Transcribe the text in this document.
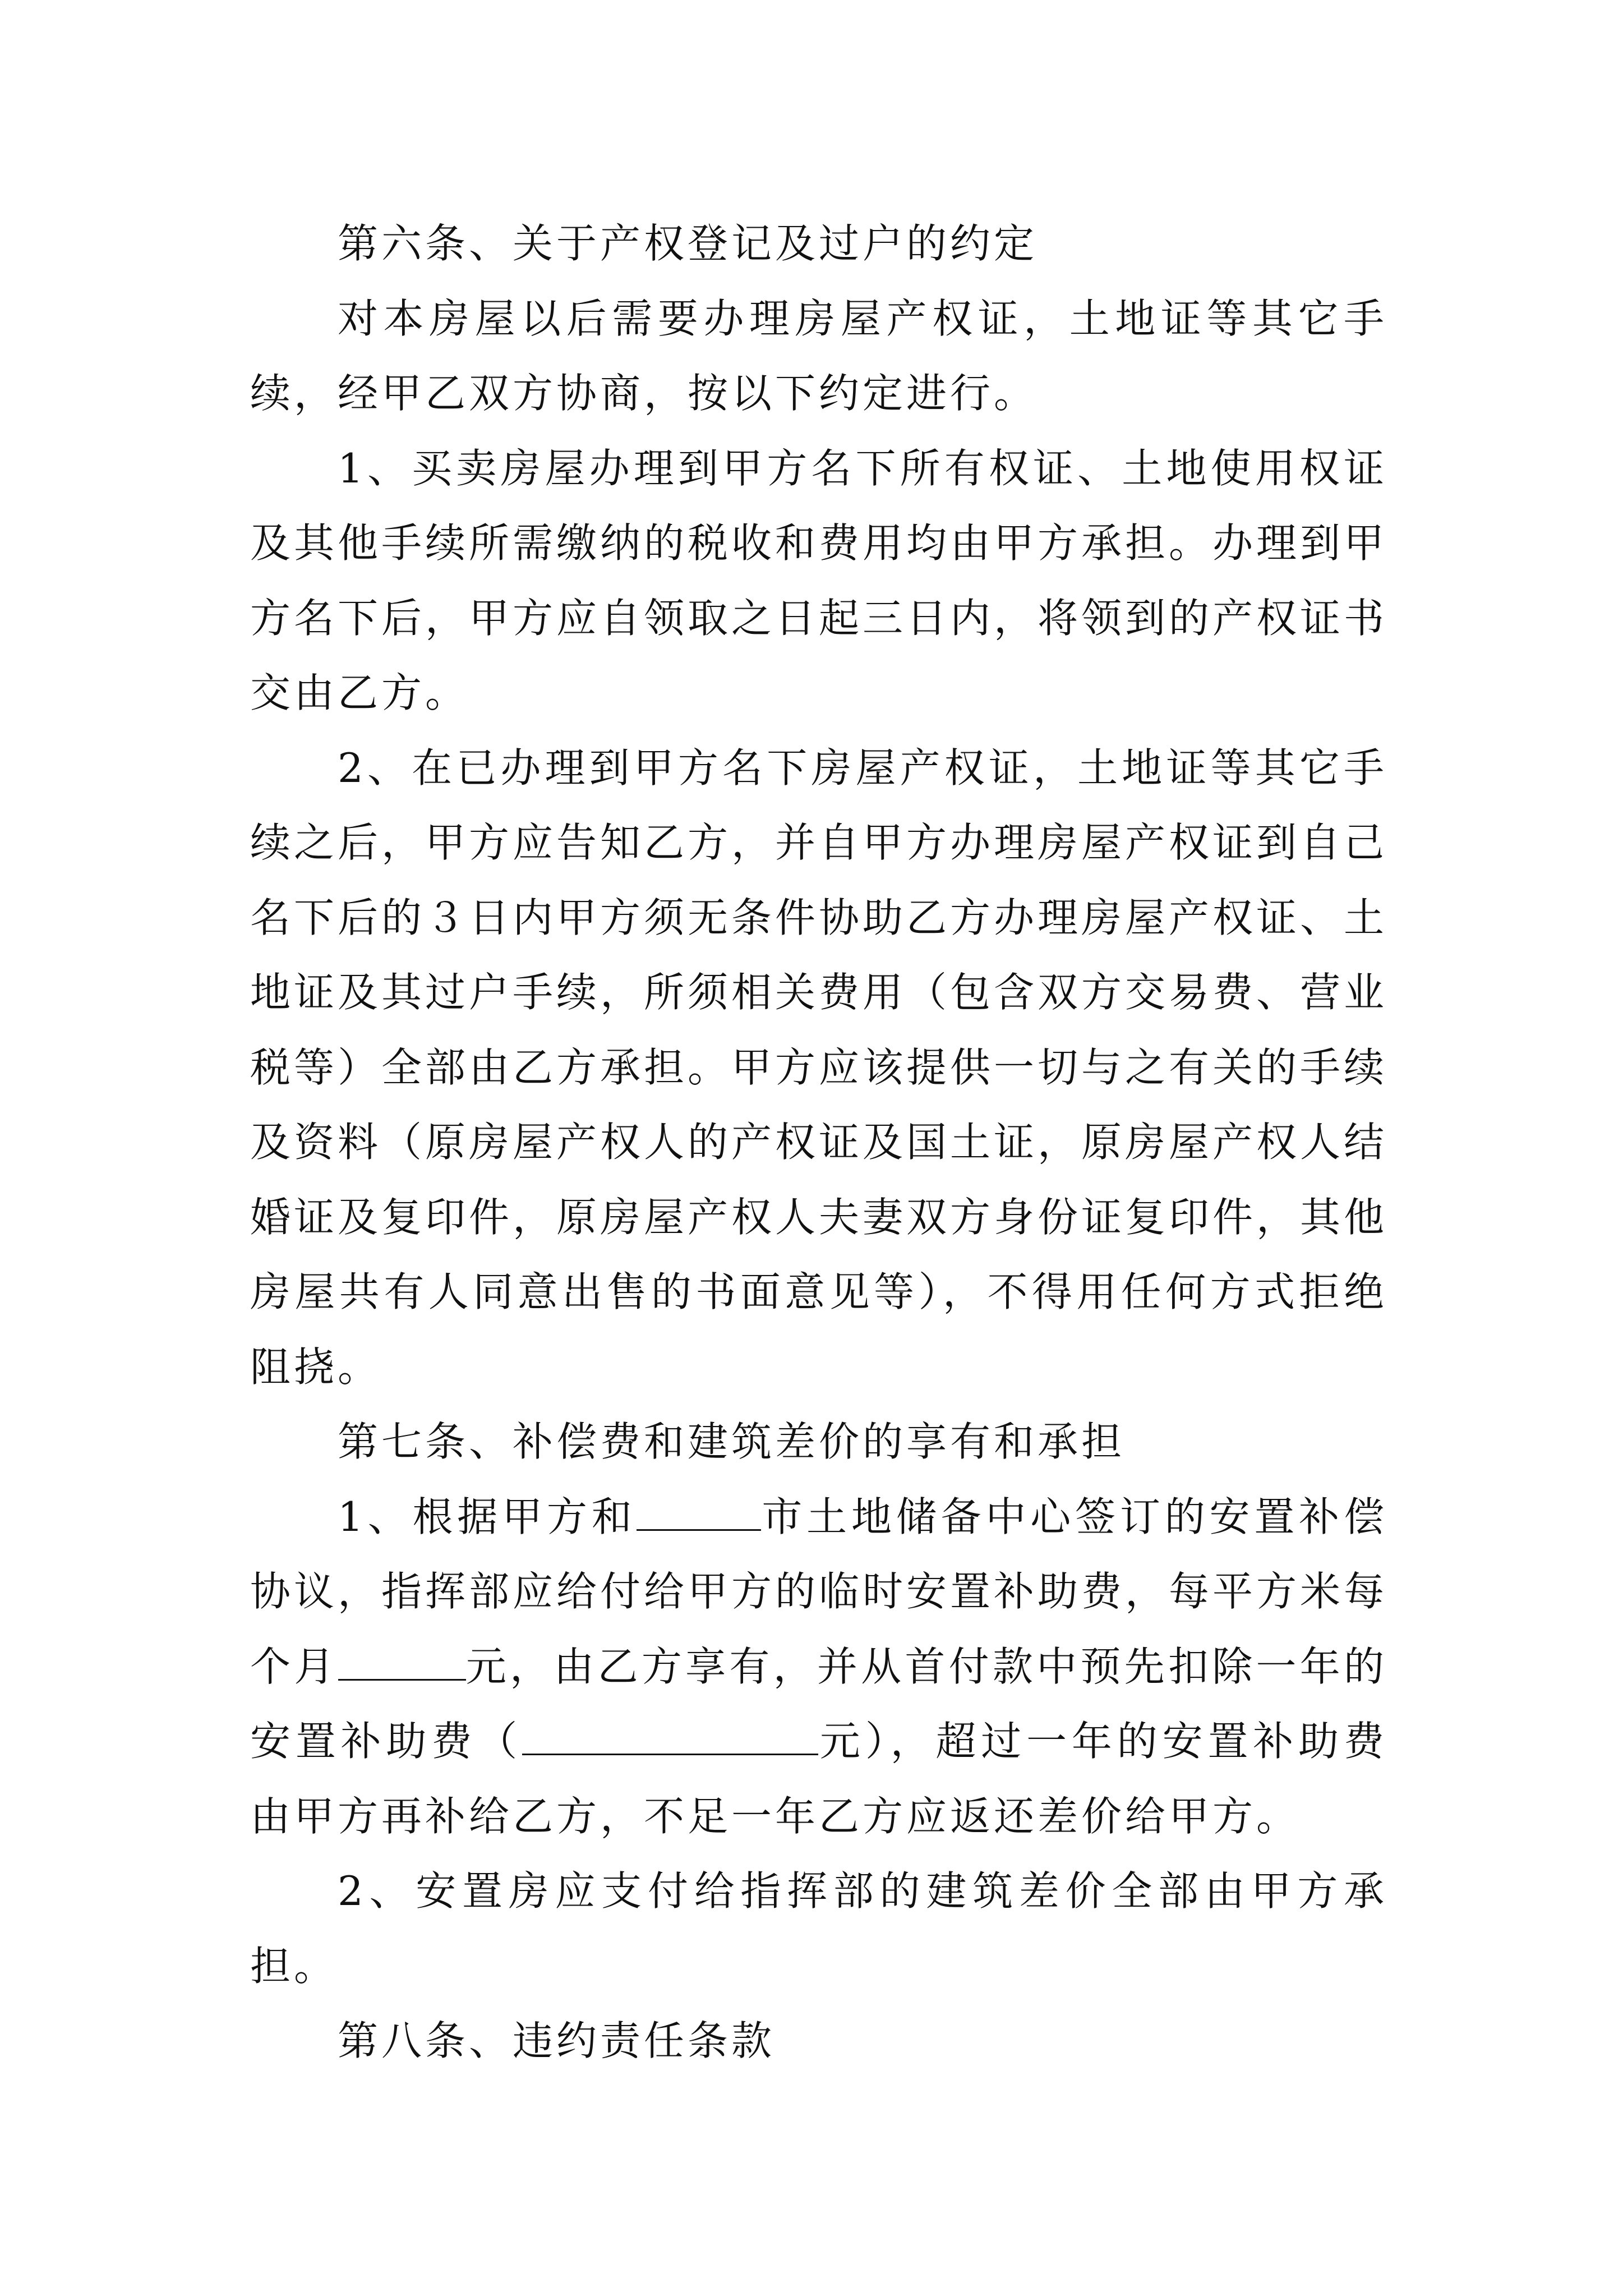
第六条、关于产权登记及过户的约定

对本房屋以后需要办理房屋产权证，土地证等其它手续，经甲乙双方协商，按以下约定进行。

1、买卖房屋办理到甲方名下所有权证、土地使用权证及其他手续所需缴纳的税收和费用均由甲方承担。办理到甲方名下后，甲方应自领取之日起三日内，将领到的产权证书交由乙方。

2、在已办理到甲方名下房屋产权证，土地证等其它手续之后，甲方应告知乙方，并自甲方办理房屋产权证到自己名下后的３日内甲方须无条件协助乙方办理房屋产权证、土地证及其过户手续，所须相关费用（包含双方交易费、营业税等）全部由乙方承担。甲方应该提供一切与之有关的手续及资料（原房屋产权人的产权证及国土证，原房屋产权人结婚证及复印件，原房屋产权人夫妻双方身份证复印件，其他房屋共有人同意出售的书面意见等），不得用任何方式拒绝阻挠。

第七条、补偿费和建筑差价的享有和承担

1、根据甲方和	市土地储备中心签订的安置补偿协议，指挥部应给付给甲方的临时安置补助费，每平方米每个月	元，由乙方享有，并从首付款中预先扣除一年的安置补助费（	元），超过一年的安置补助费由甲方再补给乙方，不足一年乙方应返还差价给甲方。

2、安置房应支付给指挥部的建筑差价全部由甲方承担。

第八条、违约责任条款
